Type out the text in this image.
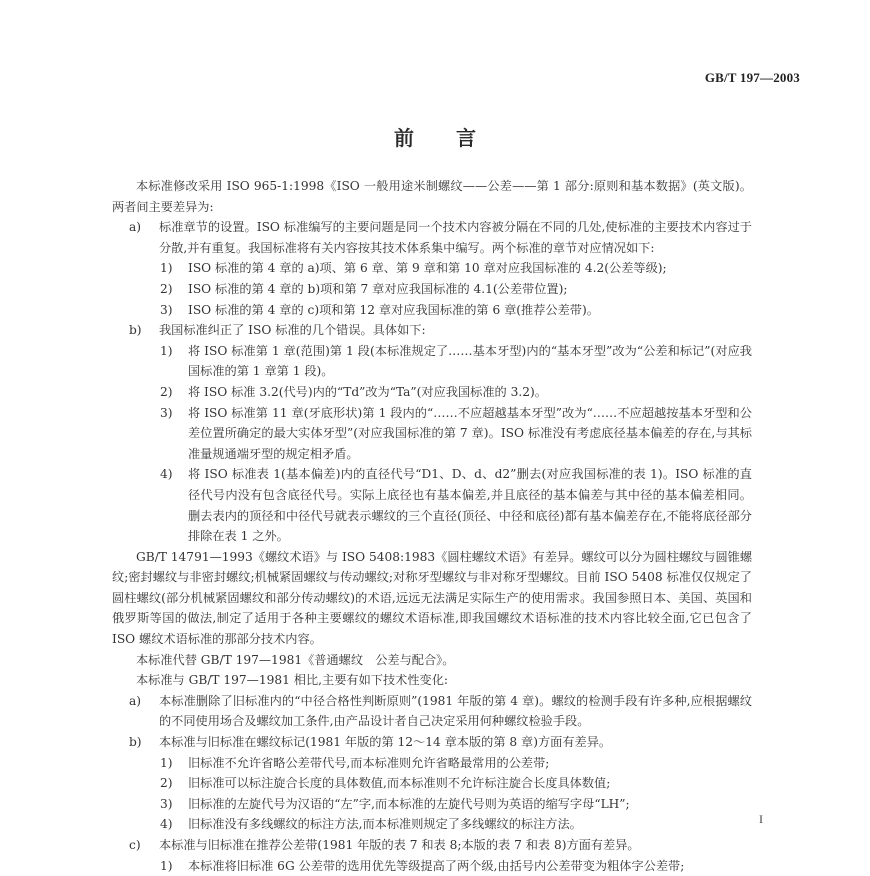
GB/T 197—2003
前言

本标准修改采用 ISO 965-1:1998《ISO 一般用途米制螺纹——公差——第 1 部分:原则和基本数据》(英文版)。两者间主要差异为:

a)	标准章节的设置。ISO 标准编写的主要问题是同一个技术内容被分隔在不同的几处,使标准的主要技术内容过于分散,并有重复。我国标准将有关内容按其技术体系集中编写。两个标准的章节对应情况如下:
1)	ISO 标准的第 4 章的 a)项、第 6 章、第 9 章和第 10 章对应我国标准的 4.2(公差等级);
2)	ISO 标准的第 4 章的 b)项和第 7 章对应我国标准的 4.1(公差带位置);
3)	ISO 标准的第 4 章的 c)项和第 12 章对应我国标准的第 6 章(推荐公差带)。
b)	我国标准纠正了 ISO 标准的几个错误。具体如下:
1)	将 ISO 标准第 1 章(范围)第 1 段(本标准规定了……基本牙型)内的“基本牙型”改为“公差和标记”(对应我国标准的第 1 章第 1 段)。
2)	将 ISO 标准 3.2(代号)内的“Td”改为“Ta”(对应我国标准的 3.2)。
3)	将 ISO 标准第 11 章(牙底形状)第 1 段内的“……不应超越基本牙型”改为“……不应超越按基本牙型和公差位置所确定的最大实体牙型”(对应我国标准的第 7 章)。ISO 标准没有考虑底径基本偏差的存在,与其标准量规通端牙型的规定相矛盾。
4)	将 ISO 标准表 1(基本偏差)内的直径代号“D1、D、d、d2”删去(对应我国标准的表 1)。ISO 标准的直径代号内没有包含底径代号。实际上底径也有基本偏差,并且底径的基本偏差与其中径的基本偏差相同。删去表内的顶径和中径代号就表示螺纹的三个直径(顶径、中径和底径)都有基本偏差存在,不能将底径部分排除在表 1 之外。

GB/T 14791—1993《螺纹术语》与 ISO 5408:1983《圆柱螺纹术语》有差异。螺纹可以分为圆柱螺纹与圆锥螺纹;密封螺纹与非密封螺纹;机械紧固螺纹与传动螺纹;对称牙型螺纹与非对称牙型螺纹。目前 ISO 5408 标准仅仅规定了圆柱螺纹(部分机械紧固螺纹和部分传动螺纹)的术语,远远无法满足实际生产的使用需求。我国参照日本、美国、英国和俄罗斯等国的做法,制定了适用于各种主要螺纹的螺纹术语标准,即我国螺纹术语标准的技术内容比较全面,它已包含了 ISO 螺纹术语标准的那部分技术内容。

本标准代替 GB/T 197—1981《普通螺纹　公差与配合》。

本标准与 GB/T 197—1981 相比,主要有如下技术性变化:

a)	本标准删除了旧标准内的“中径合格性判断原则”(1981 年版的第 4 章)。螺纹的检测手段有许多种,应根据螺纹的不同使用场合及螺纹加工条件,由产品设计者自己决定采用何种螺纹检验手段。
b)	本标准与旧标准在螺纹标记(1981 年版的第 12～14 章本版的第 8 章)方面有差异。
1)	旧标准不允许省略公差带代号,而本标准则允许省略最常用的公差带;
2)	旧标准可以标注旋合长度的具体数值,而本标准则不允许标注旋合长度具体数值;
3)	旧标准的左旋代号为汉语的“左”字,而本标准的左旋代号则为英语的缩写字母“LH”;
4)	旧标准没有多线螺纹的标注方法,而本标准则规定了多线螺纹的标注方法。
c)	本标准与旧标准在推荐公差带(1981 年版的表 7 和表 8;本版的表 7 和表 8)方面有差异。
1)	本标准将旧标准 6G 公差带的选用优先等级提高了两个级,由括号内公差带变为粗体字公差带;
I
